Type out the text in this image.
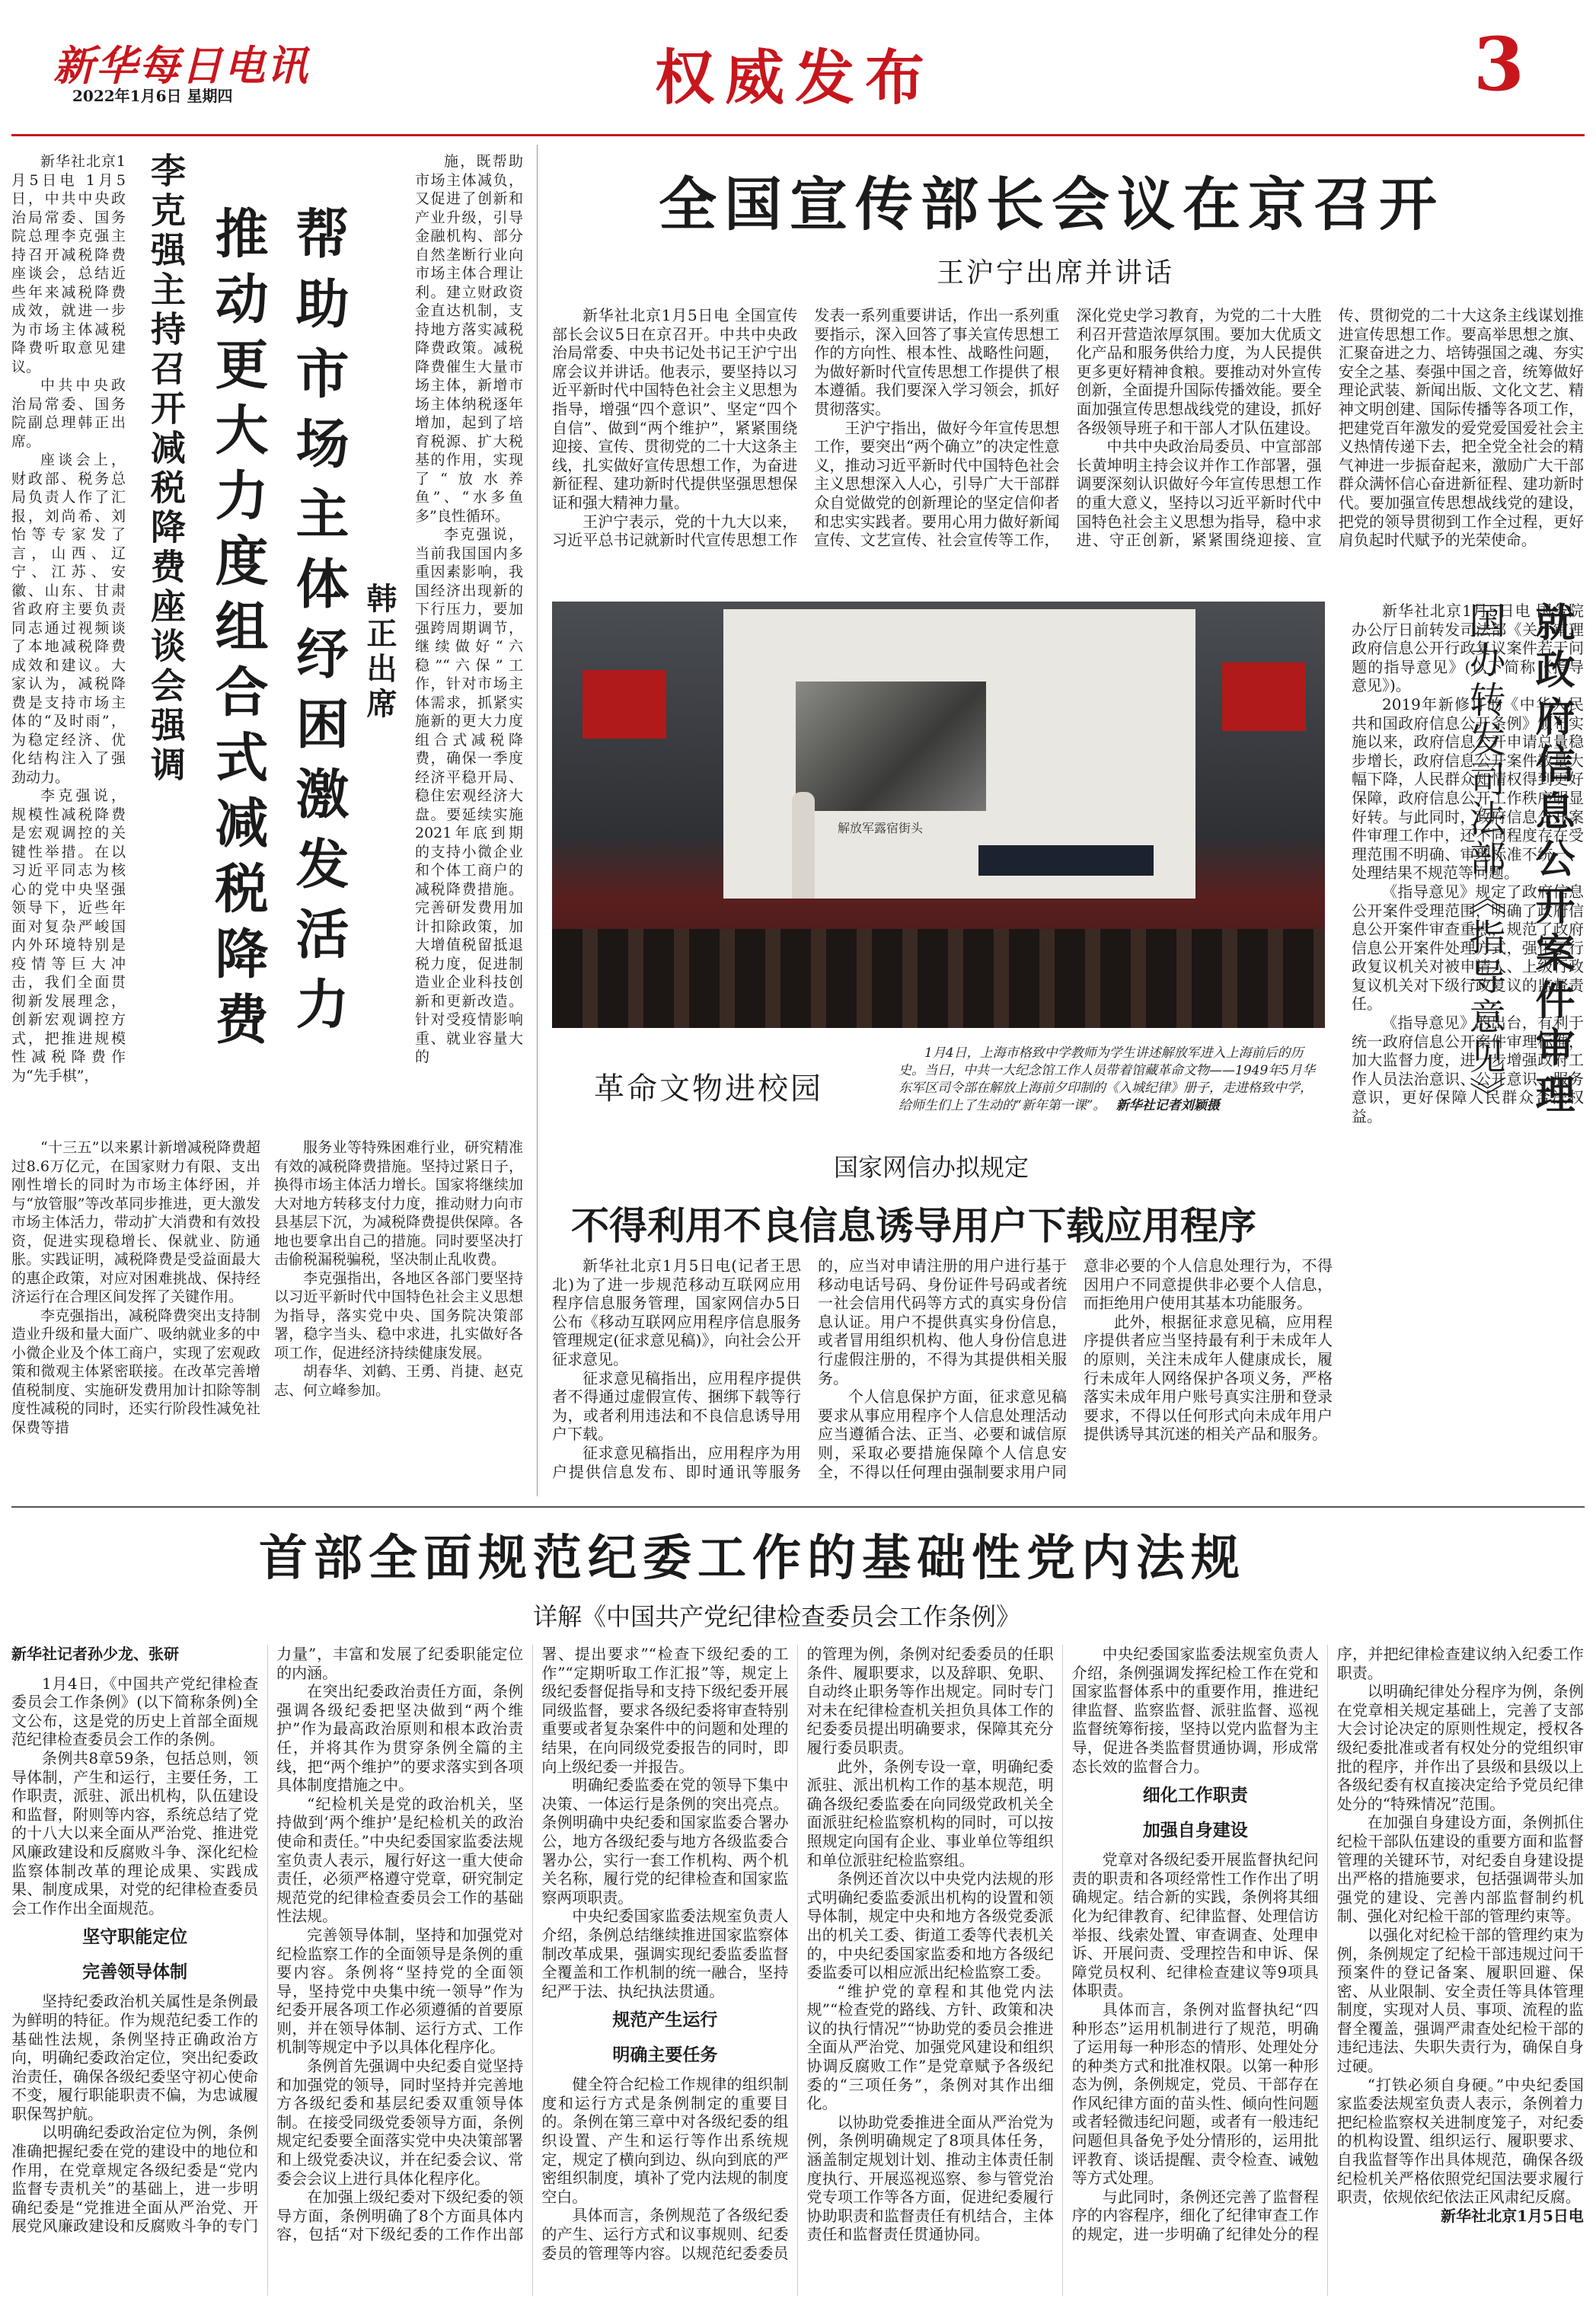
新华每日电讯
2022年1月6日 星期四	权威发布	3

新华社北京1月5日电 1月5日，中共中央政治局常委、国务院总理李克强主持召开减税降费座谈会，总结近些年来减税降费成效，就进一步为市场主体减税降费听取意见建议。

中共中央政治局常委、国务院副总理韩正出席。

座谈会上，财政部、税务总局负责人作了汇报，刘尚希、刘怡等专家发了言，山西、辽宁、江苏、安徽、山东、甘肃省政府主要负责同志通过视频谈了本地减税降费成效和建议。大家认为，减税降费是支持市场主体的“及时雨”，为稳定经济、优化结构注入了强劲动力。

李克强说，规模性减税降费是宏观调控的关键性举措。在以习近平同志为核心的党中央坚强领导下，近些年面对复杂严峻国内外环境特别是疫情等巨大冲击，我们全面贯彻新发展理念，创新宏观调控方式，把推进规模性减税降费作为“先手棋”，

李克强主持召开减税降费座谈会强调 推动更大力度组合式减税降费 帮助市场主体纾困激发活力 韩正出席

施，既帮助市场主体减负，又促进了创新和产业升级，引导金融机构、部分自然垄断行业向市场主体合理让利。建立财政资金直达机制，支持地方落实减税降费政策。减税降费催生大量市场主体，新增市场主体纳税逐年增加，起到了培育税源、扩大税基的作用，实现了“放水养鱼”、“水多鱼多”良性循环。

李克强说，当前我国国内多重因素影响，我国经济出现新的下行压力，要加强跨周期调节，继续做好“六稳”“六保”工作，针对市场主体需求，抓紧实施新的更大力度组合式减税降费，确保一季度经济平稳开局、稳住宏观经济大盘。要延续实施2021年底到期的支持小微企业和个体工商户的减税降费措施。完善研发费用加计扣除政策，加大增值税留抵退税力度，促进制造业企业科技创新和更新改造。针对受疫情影响重、就业容量大的

“十三五”以来累计新增减税降费超过8.6万亿元，在国家财力有限、支出刚性增长的同时为市场主体纾困，并与“放管服”等改革同步推进，更大激发市场主体活力，带动扩大消费和有效投资，促进实现稳增长、保就业、防通胀。实践证明，减税降费是受益面最大的惠企政策，对应对困难挑战、保持经济运行在合理区间发挥了关键作用。

李克强指出，减税降费突出支持制造业升级和量大面广、吸纳就业多的中小微企业及个体工商户，实现了宏观政策和微观主体紧密联接。在改革完善增值税制度、实施研发费用加计扣除等制度性减税的同时，还实行阶段性减免社保费等措

服务业等特殊困难行业，研究精准有效的减税降费措施。坚持过紧日子，换得市场主体活力增长。国家将继续加大对地方转移支付力度，推动财力向市县基层下沉，为减税降费提供保障。各地也要拿出自己的措施。同时要坚决打击偷税漏税骗税，坚决制止乱收费。

李克强指出，各地区各部门要坚持以习近平新时代中国特色社会主义思想为指导，落实党中央、国务院决策部署，稳字当头、稳中求进，扎实做好各项工作，促进经济持续健康发展。

胡春华、刘鹤、王勇、肖捷、赵克志、何立峰参加。

全国宣传部长会议在京召开
王沪宁出席并讲话

新华社北京1月5日电 全国宣传部长会议5日在京召开。中共中央政治局常委、中央书记处书记王沪宁出席会议并讲话。他表示，要坚持以习近平新时代中国特色社会主义思想为指导，增强“四个意识”、坚定“四个自信”、做到“两个维护”，紧紧围绕迎接、宣传、贯彻党的二十大这条主线，扎实做好宣传思想工作，为奋进新征程、建功新时代提供坚强思想保证和强大精神力量。

王沪宁表示，党的十九大以来，习近平总书记就新时代宣传思想工作发表一系列重要讲话，作出一系列重要指示，深入回答了事关宣传思想工作的方向性、根本性、战略性问题，为做好新时代宣传思想工作提供了根本遵循。我们要深入学习领会，抓好贯彻落实。

王沪宁指出，做好今年宣传思想工作，要突出“两个确立”的决定性意义，推动习近平新时代中国特色社会主义思想深入人心，引导广大干部群众自觉做党的创新理论的坚定信仰者和忠实实践者。要用心用力做好新闻宣传、文艺宣传、社会宣传等工作，深化党史学习教育，为党的二十大胜利召开营造浓厚氛围。要加大优质文化产品和服务供给力度，为人民提供更多更好精神食粮。要推动对外宣传创新，全面提升国际传播效能。要全面加强宣传思想战线党的建设，抓好各级领导班子和干部人才队伍建设。

中共中央政治局委员、中宣部部长黄坤明主持会议并作工作部署，强调要深刻认识做好今年宣传思想工作的重大意义，坚持以习近平新时代中国特色社会主义思想为指导，稳中求进、守正创新，紧紧围绕迎接、宣传、贯彻党的二十大这条主线谋划推进宣传思想工作。要高举思想之旗、汇聚奋进之力、培铸强国之魂、夯实安全之基、奏强中国之音，统筹做好理论武装、新闻出版、文化文艺、精神文明创建、国际传播等各项工作，把建党百年激发的爱党爱国爱社会主义热情传递下去，把全党全社会的精气神进一步振奋起来，激励广大干部群众满怀信心奋进新征程、建功新时代。要加强宣传思想战线党的建设，把党的领导贯彻到工作全过程，更好肩负起时代赋予的光荣使命。

解放军露宿街头
革命文物进校园
1月4日，上海市格致中学教师为学生讲述解放军进入上海前后的历史。当日，中共一大纪念馆工作人员带着馆藏革命文物——1949年5月华东军区司令部在解放上海前夕印制的《入城纪律》册子，走进格致中学，给师生们上了生动的“新年第一课”。 新华社记者刘颖摄	就政府信息公开案件审理
国办转发司法部《指导意见》

新华社北京1月5日电 国务院办公厅日前转发司法部《关于审理政府信息公开行政复议案件若干问题的指导意见》(以下简称《指导意见》)。

2019年新修订的《中华人民共和国政府信息公开条例》颁布实施以来，政府信息公开申请总量稳步增长，政府信息公开案件数量大幅下降，人民群众知情权得到更好保障，政府信息公开工作秩序明显好转。与此同时，政府信息公开案件审理工作中，还不同程度存在受理范围不明确、审理标准不统一、处理结果不规范等问题。

《指导意见》规定了政府信息公开案件受理范围，明确了政府信息公开案件审查重点，规范了政府信息公开案件处理方式，强化了行政复议机关对被申请人、上级行政复议机关对下级行政复议的监督责任。

《指导意见》的出台，有利于统一政府信息公开案件审理标准，加大监督力度，进一步增强政府工作人员法治意识、公开意识、服务意识，更好保障人民群众合法权益。

国家网信办拟规定
不得利用不良信息诱导用户下载应用程序

新华社北京1月5日电(记者王思北)为了进一步规范移动互联网应用程序信息服务管理，国家网信办5日公布《移动互联网应用程序信息服务管理规定(征求意见稿)》，向社会公开征求意见。

征求意见稿指出，应用程序提供者不得通过虚假宣传、捆绑下载等行为，或者利用违法和不良信息诱导用户下载。

征求意见稿指出，应用程序为用户提供信息发布、即时通讯等服务的，应当对申请注册的用户进行基于移动电话号码、身份证件号码或者统一社会信用代码等方式的真实身份信息认证。用户不提供真实身份信息，或者冒用组织机构、他人身份信息进行虚假注册的，不得为其提供相关服务。

个人信息保护方面，征求意见稿要求从事应用程序个人信息处理活动应当遵循合法、正当、必要和诚信原则，采取必要措施保障个人信息安全，不得以任何理由强制要求用户同意非必要的个人信息处理行为，不得因用户不同意提供非必要个人信息，而拒绝用户使用其基本功能服务。

此外，根据征求意见稿，应用程序提供者应当坚持最有利于未成年人的原则，关注未成年人健康成长，履行未成年人网络保护各项义务，严格落实未成年用户账号真实注册和登录要求，不得以任何形式向未成年用户提供诱导其沉迷的相关产品和服务。

首部全面规范纪委工作的基础性党内法规
详解《中国共产党纪律检查委员会工作条例》

新华社记者孙少龙、张研

1月4日，《中国共产党纪律检查委员会工作条例》(以下简称条例)全文公布，这是党的历史上首部全面规范纪律检查委员会工作的条例。

条例共8章59条，包括总则，领导体制，产生和运行，主要任务，工作职责，派驻、派出机构，队伍建设和监督，附则等内容，系统总结了党的十八大以来全面从严治党、推进党风廉政建设和反腐败斗争、深化纪检监察体制改革的理论成果、实践成果、制度成果，对党的纪律检查委员会工作作出全面规范。

坚守职能定位

完善领导体制

坚持纪委政治机关属性是条例最为鲜明的特征。作为规范纪委工作的基础性法规，条例坚持正确政治方向，明确纪委政治定位，突出纪委政治责任，确保各级纪委坚守初心使命不变，履行职能职责不偏，为忠诚履职保驾护航。

以明确纪委政治定位为例，条例准确把握纪委在党的建设中的地位和作用，在党章规定各级纪委是“党内监督专责机关”的基础上，进一步明确纪委是“党推进全面从严治党、开展党风廉政建设和反腐败斗争的专门力量”，丰富和发展了纪委职能定位的内涵。

在突出纪委政治责任方面，条例强调各级纪委把坚决做到“两个维护”作为最高政治原则和根本政治责任，并将其作为贯穿条例全篇的主线，把“两个维护”的要求落实到各项具体制度措施之中。

“纪检机关是党的政治机关，坚持做到‘两个维护’是纪检机关的政治使命和责任。”中央纪委国家监委法规室负责人表示，履行好这一重大使命责任，必须严格遵守党章，研究制定规范党的纪律检查委员会工作的基础性法规。

完善领导体制，坚持和加强党对纪检监察工作的全面领导是条例的重要内容。条例将“坚持党的全面领导，坚持党中央集中统一领导”作为纪委开展各项工作必须遵循的首要原则，并在领导体制、运行方式、工作机制等规定中予以具体化程序化。

条例首先强调中央纪委自觉坚持和加强党的领导，同时坚持并完善地方各级纪委和基层纪委双重领导体制。在接受同级党委领导方面，条例规定纪委要全面落实党中央决策部署和上级党委决议，并在纪委会议、常委会会议上进行具体化程序化。

在加强上级纪委对下级纪委的领导方面，条例明确了8个方面具体内容，包括“对下级纪委的工作作出部署、提出要求”“检查下级纪委的工作”“定期听取工作汇报”等，规定上级纪委督促指导和支持下级纪委开展同级监督，要求各级纪委将审查特别重要或者复杂案件中的问题和处理的结果，在向同级党委报告的同时，即向上级纪委一并报告。

明确纪委监委在党的领导下集中决策、一体运行是条例的突出亮点。条例明确中央纪委和国家监委合署办公，地方各级纪委与地方各级监委合署办公，实行一套工作机构、两个机关名称，履行党的纪律检查和国家监察两项职责。

中央纪委国家监委法规室负责人介绍，条例总结继续推进国家监察体制改革成果，强调实现纪委监委监督全覆盖和工作机制的统一融合，坚持纪严于法、执纪执法贯通。

规范产生运行

明确主要任务

健全符合纪检工作规律的组织制度和运行方式是条例制定的重要目的。条例在第三章中对各级纪委的组织设置、产生和运行等作出系统规定，规定了横向到边、纵向到底的严密组织制度，填补了党内法规的制度空白。

具体而言，条例规范了各级纪委的产生、运行方式和议事规则、纪委委员的管理等内容。以规范纪委委员的管理为例，条例对纪委委员的任职条件、履职要求，以及辞职、免职、自动终止职务等作出规定。同时专门对未在纪律检查机关担负具体工作的纪委委员提出明确要求，保障其充分履行委员职责。

此外，条例专设一章，明确纪委派驻、派出机构工作的基本规范，明确各级纪委监委在向同级党政机关全面派驻纪检监察机构的同时，可以按照规定向国有企业、事业单位等组织和单位派驻纪检监察组。

条例还首次以中央党内法规的形式明确纪委监委派出机构的设置和领导体制，规定中央和地方各级党委派出的机关工委、街道工委等代表机关的，中央纪委国家监委和地方各级纪委监委可以相应派出纪检监察工委。

“维护党的章程和其他党内法规”“检查党的路线、方针、政策和决议的执行情况”“协助党的委员会推进全面从严治党、加强党风建设和组织协调反腐败工作”是党章赋予各级纪委的“三项任务”，条例对其作出细化。

以协助党委推进全面从严治党为例，条例明确规定了8项具体任务，涵盖制定规划计划、推动主体责任制度执行、开展巡视巡察、参与管党治党专项工作等各方面，促进纪委履行协助职责和监督责任有机结合，主体责任和监督责任贯通协同。

中央纪委国家监委法规室负责人介绍，条例强调发挥纪检工作在党和国家监督体系中的重要作用，推进纪律监督、监察监督、派驻监督、巡视监督统筹衔接，坚持以党内监督为主导，促进各类监督贯通协调，形成常态长效的监督合力。

细化工作职责

加强自身建设

党章对各级纪委开展监督执纪问责的职责和各项经常性工作作出了明确规定。结合新的实践，条例将其细化为纪律教育、纪律监督、处理信访举报、线索处置、审查调查、处理申诉、开展问责、受理控告和申诉、保障党员权利、纪律检查建议等9项具体职责。

具体而言，条例对监督执纪“四种形态”运用机制进行了规范，明确了运用每一种形态的情形、处理处分的种类方式和批准权限。以第一种形态为例，条例规定，党员、干部存在作风纪律方面的苗头性、倾向性问题或者轻微违纪问题，或者有一般违纪问题但具备免予处分情形的，运用批评教育、谈话提醒、责令检查、诫勉等方式处理。

与此同时，条例还完善了监督程序的内容程序，细化了纪律审查工作的规定，进一步明确了纪律处分的程序，并把纪律检查建议纳入纪委工作职责。

以明确纪律处分程序为例，条例在党章相关规定基础上，完善了支部大会讨论决定的原则性规定，授权各级纪委批准或者有权处分的党组织审批的程序，并作出了县级和县级以上各级纪委有权直接决定给予党员纪律处分的“特殊情况”范围。

在加强自身建设方面，条例抓住纪检干部队伍建设的重要方面和监督管理的关键环节，对纪委自身建设提出严格的措施要求，包括强调带头加强党的建设、完善内部监督制约机制、强化对纪检干部的管理约束等。

以强化对纪检干部的管理约束为例，条例规定了纪检干部违规过问干预案件的登记备案、履职回避、保密、从业限制、安全责任等具体管理制度，实现对人员、事项、流程的监督全覆盖，强调严肃查处纪检干部的违纪违法、失职失责行为，确保自身过硬。

“打铁必须自身硬。”中央纪委国家监委法规室负责人表示，条例着力把纪检监察权关进制度笼子，对纪委的机构设置、组织运行、履职要求、自我监督等作出具体规范，确保各级纪检机关严格依照党纪国法要求履行职责，依规依纪依法正风肃纪反腐。

新华社北京1月5日电
